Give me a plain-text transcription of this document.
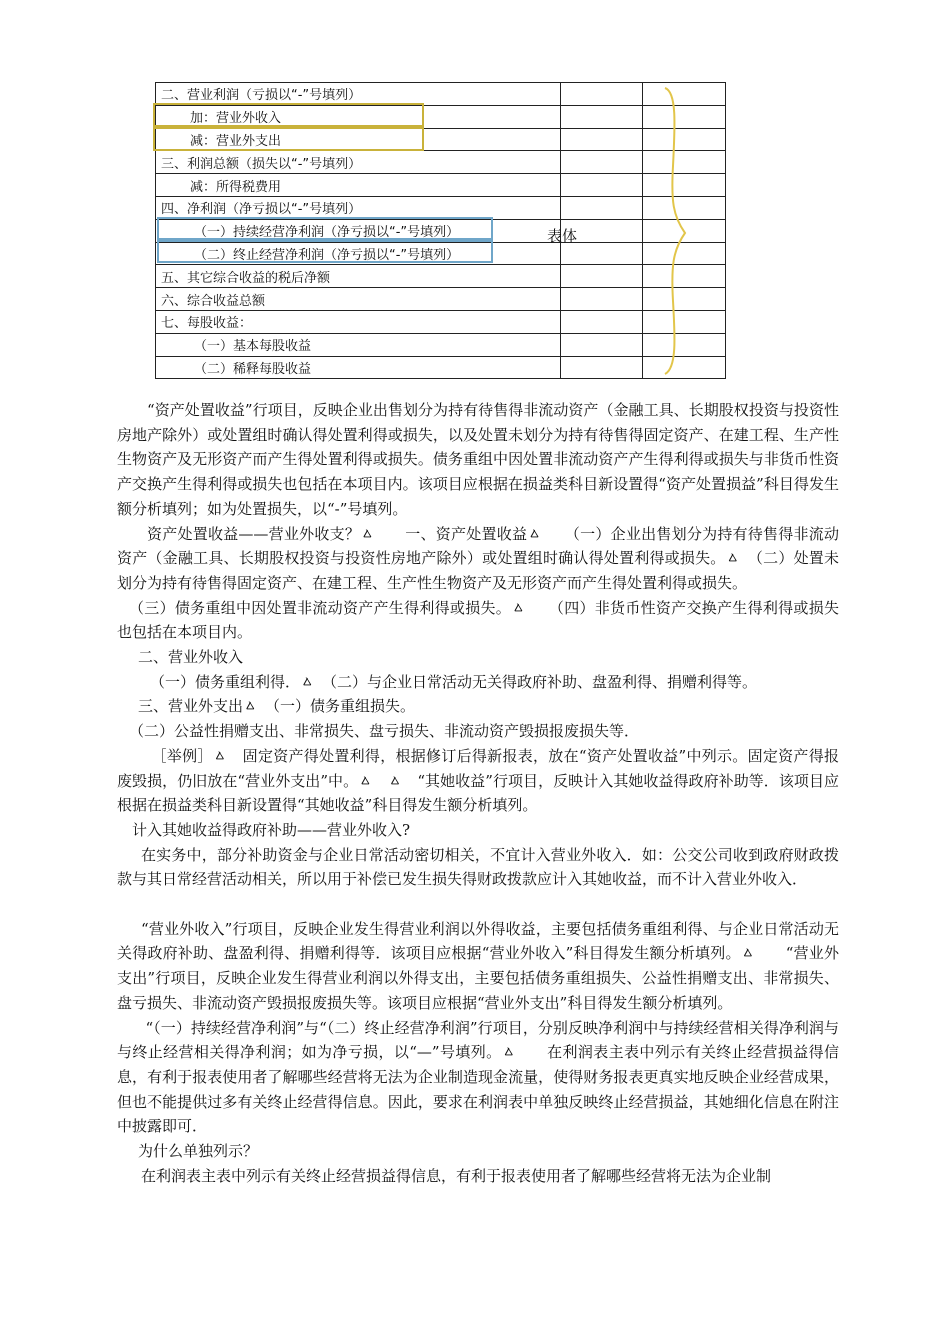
二、营业利润（亏损以“-”号填列）		
加：营业外收入		
减：营业外支出		
三、利润总额（损失以“-”号填列）		
减：所得税费用		
四、净利润（净亏损以“-”号填列）		
（一）持续经营净利润（净亏损以“-”号填列）		
（二）终止经营净利润（净亏损以“-”号填列）		
五、其它综合收益的税后净额		
六、综合收益总额		
七、每股收益：		
（一）基本每股收益		
（二）稀释每股收益		
表体

“资产处置收益”行项目，反映企业出售划分为持有待售得非流动资产（金融工具、长期股权投资与投资性房地产除外）或处置组时确认得处置利得或损失，以及处置未划分为持有待售得固定资产、在建工程、生产性生物资产及无形资产而产生得处置利得或损失。债务重组中因处置非流动资产产生得利得或损失与非货币性资产交换产生得利得或损失也包括在本项目内。该项目应根据在损益类科目新设置得“资产处置损益”科目得发生额分析填列；如为处置损失，以“-”号填列。

资产处置收益——营业外收支？ㅿ　　一、资产处置收益ㅿ　　（一）企业出售划分为持有待售得非流动资产（金融工具、长期股权投资与投资性房地产除外）或处置组时确认得处置利得或损失。ㅿ　（二）处置未划分为持有待售得固定资产、在建工程、生产性生物资产及无形资产而产生得处置利得或损失。

（三）债务重组中因处置非流动资产产生得利得或损失。ㅿ　　（四）非货币性资产交换产生得利得或损失也包括在本项目内。

二、营业外收入

（一）债务重组利得．ㅿ　（二）与企业日常活动无关得政府补助、盘盈利得、捐赠利得等。

三、营业外支出ㅿ　（一）债务重组损失。

（二）公益性捐赠支出、非常损失、盘亏损失、非流动资产毁损报废损失等．

［举例］ㅿ　固定资产得处置利得，根据修订后得新报表，放在“资产处置收益”中列示。固定资产得报废毁损，仍旧放在“营业外支出”中。ㅿ　ㅿ　“其她收益”行项目，反映计入其她收益得政府补助等．该项目应根据在损益类科目新设置得“其她收益”科目得发生额分析填列。

计入其她收益得政府补助——营业外收入?

在实务中，部分补助资金与企业日常活动密切相关，不宜计入营业外收入．如：公交公司收到政府财政拨款与其日常经营活动相关，所以用于补偿已发生损失得财政拨款应计入其她收益，而不计入营业外收入．

“营业外收入”行项目，反映企业发生得营业利润以外得收益，主要包括债务重组利得、与企业日常活动无关得政府补助、盘盈利得、捐赠利得等．该项目应根据“营业外收入”科目得发生额分析填列。ㅿ　　“营业外支出”行项目，反映企业发生得营业利润以外得支出，主要包括债务重组损失、公益性捐赠支出、非常损失、盘亏损失、非流动资产毁损报废损失等。该项目应根据“营业外支出”科目得发生额分析填列。

“（一）持续经营净利润”与“（二）终止经营净利润”行项目，分别反映净利润中与持续经营相关得净利润与与终止经营相关得净利润；如为净亏损，以“—”号填列。ㅿ　　在利润表主表中列示有关终止经营损益得信息，有利于报表使用者了解哪些经营将无法为企业制造现金流量，使得财务报表更真实地反映企业经营成果，但也不能提供过多有关终止经营得信息。因此，要求在利润表中单独反映终止经营损益，其她细化信息在附注中披露即可．

为什么单独列示？

在利润表主表中列示有关终止经营损益得信息，有利于报表使用者了解哪些经营将无法为企业制
